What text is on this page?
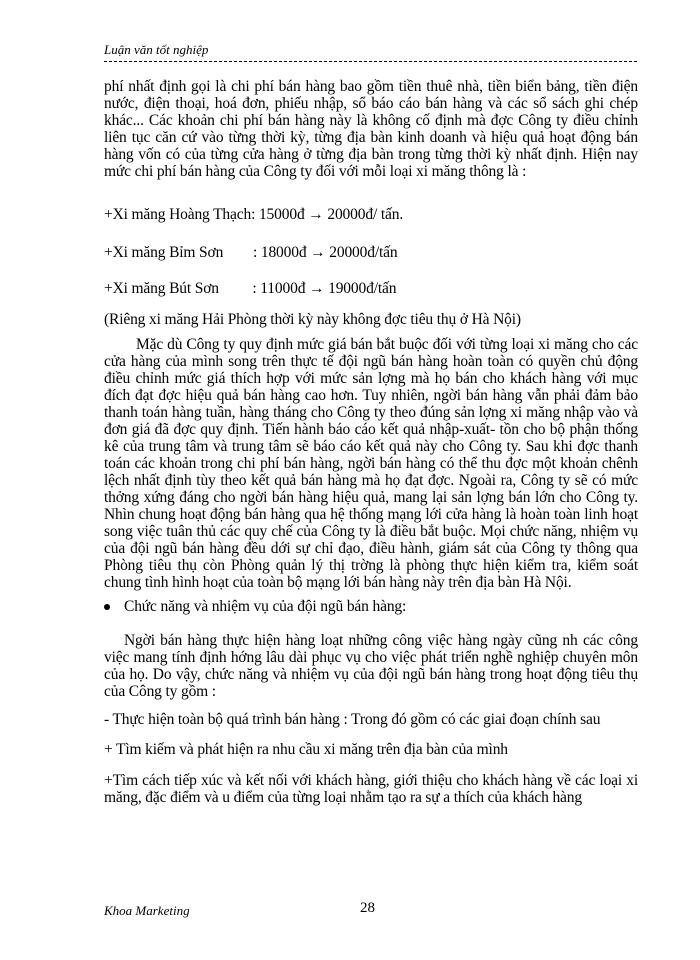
Luận văn tốt nghiệp
phí nhất định gọi là chi phí bán hàng bao gồm tiền thuê nhà, tiền biển bảng, tiền điện nước, điện thoại, hoá đơn, phiếu nhập, sổ báo cáo bán hàng và các sổ sách ghi chép khác... Các khoản chi phí bán hàng này là không cố định mà đợc Công ty điều chỉnh liên tục căn cứ vào từng thời kỳ, từng địa bàn kinh doanh và hiệu quả hoạt động bán hàng vốn có của từng cửa hàng ở từng địa bàn trong từng thời kỳ nhất định. Hiện nay mức chi phí bán hàng của Công ty đối với mỗi loại xi măng thông là :
+Xi măng Hoàng Thạch: 15000đ → 20000đ/ tấn.
+Xi măng Bỉm Sơn        : 18000đ → 20000đ/tấn
+Xi măng Bút Sơn         : 11000đ → 19000đ/tấn
(Riêng xi măng Hải Phòng thời kỳ này không đợc tiêu thụ ở Hà Nội)
Mặc dù Công ty quy định mức giá bán bắt buộc đối với từng loại xi măng cho các cửa hàng của mình song trên thực tế đội ngũ bán hàng hoàn toàn có quyền chủ động điều chỉnh mức giá thích hợp với mức sản lợng mà họ bán cho khách hàng với mục đích đạt đợc hiệu quả bán hàng cao hơn. Tuy nhiên, ngời bán hàng vẫn phải đảm bảo thanh toán hàng tuần, hàng tháng cho Công ty theo đúng sản lợng xi măng nhập vào và đơn giá đã đợc quy định. Tiến hành báo cáo kết quả nhập-xuất- tồn cho bộ phận thống kê của trung tâm và trung tâm sẽ báo cáo kết quả này cho Công ty. Sau khi đợc thanh toán các khoản trong chi phí bán hàng, ngời bán hàng có thể thu đợc một khoản chênh lệch nhất định tùy theo kết quả bán hàng mà họ đạt đợc. Ngoài ra, Công ty sẽ có mức thởng xứng đáng cho ngời bán hàng hiệu quả, mang lại sản lợng bán lớn cho Công ty. Nhìn chung hoạt động bán hàng qua hệ thống mạng lới cửa hàng là hoàn toàn linh hoạt song việc tuân thủ các quy chế của Công ty là điều bắt buộc. Mọi chức năng, nhiệm vụ của đội ngũ bán hàng đều dới sự chỉ đạo, điều hành, giám sát của Công ty thông qua Phòng tiêu thụ còn Phòng quản lý thị trờng là phòng thực hiện kiểm tra, kiểm soát chung tình hình hoạt của toàn bộ mạng lới bán hàng này trên địa bàn Hà Nội.
Chức năng và nhiệm vụ của đội ngũ bán hàng:
Ngời bán hàng thực hiện hàng loạt những công việc hàng ngày cũng nh các công việc mang tính định hớng lâu dài phục vụ cho việc phát triển nghề nghiệp chuyên môn của họ. Do vậy, chức năng và nhiệm vụ của đội ngũ bán hàng trong hoạt động tiêu thụ của Công ty gồm :
- Thực hiện toàn bộ quá trình bán hàng : Trong đó gồm có các giai đoạn chính sau
+ Tìm kiếm và phát hiện ra nhu cầu xi măng trên địa bàn của mình
+Tìm cách tiếp xúc và kết nối với khách hàng, giới thiệu cho khách hàng về các loại xi măng, đặc điểm và u điểm của từng loại nhằm tạo ra sự a thích của khách hàng
Khoa Marketing	28
